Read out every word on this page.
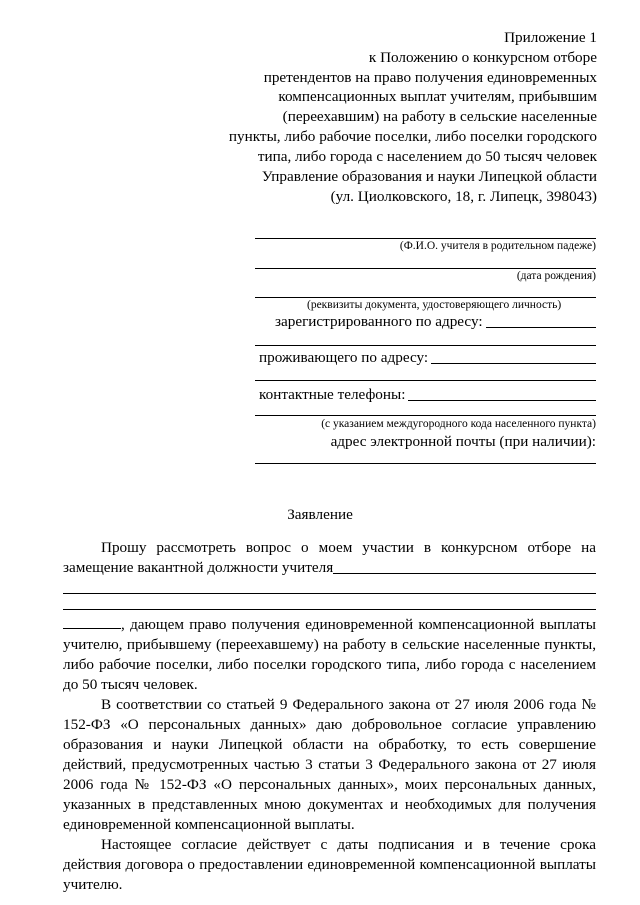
Приложение 1
к Положению о конкурсном отборе
претендентов на право получения единовременных
компенсационных выплат учителям, прибывшим
(переехавшим) на работу в сельские населенные
пункты, либо рабочие поселки, либо поселки городского
типа, либо города с населением до 50 тысяч человек
Управление образования и науки Липецкой области
(ул. Циолковского, 18, г. Липецк, 398043)
(Ф.И.О. учителя в родительном падеже)
(дата рождения)
(реквизиты документа, удостоверяющего личность)
зарегистрированного по адресу:
проживающего по адресу:
контактные телефоны:
(с указанием междугородного кода населенного пункта)
адрес электронной почты (при наличии):
Заявление

Прошу рассмотреть вопрос о моем участии в конкурсном отборе на

замещение вакантной должности учителя

, дающем право получения единовременной компенсационной выплаты учителю, прибывшему (переехавшему) на работу в сельские населенные пункты, либо рабочие поселки, либо поселки городского типа, либо города с населением до 50 тысяч человек.

В соответствии со статьей 9 Федерального закона от 27 июля 2006 года № 152-ФЗ «О персональных данных» даю добровольное согласие управлению образования и науки Липецкой области на обработку, то есть совершение действий, предусмотренных частью 3 статьи 3 Федерального закона от 27 июля 2006 года № 152-ФЗ «О персональных данных», моих персональных данных, указанных в представленных мною документах и необходимых для получения единовременной компенсационной выплаты.

Настоящее согласие действует с даты подписания и в течение срока действия договора о предоставлении единовременной компенсационной выплаты учителю.
